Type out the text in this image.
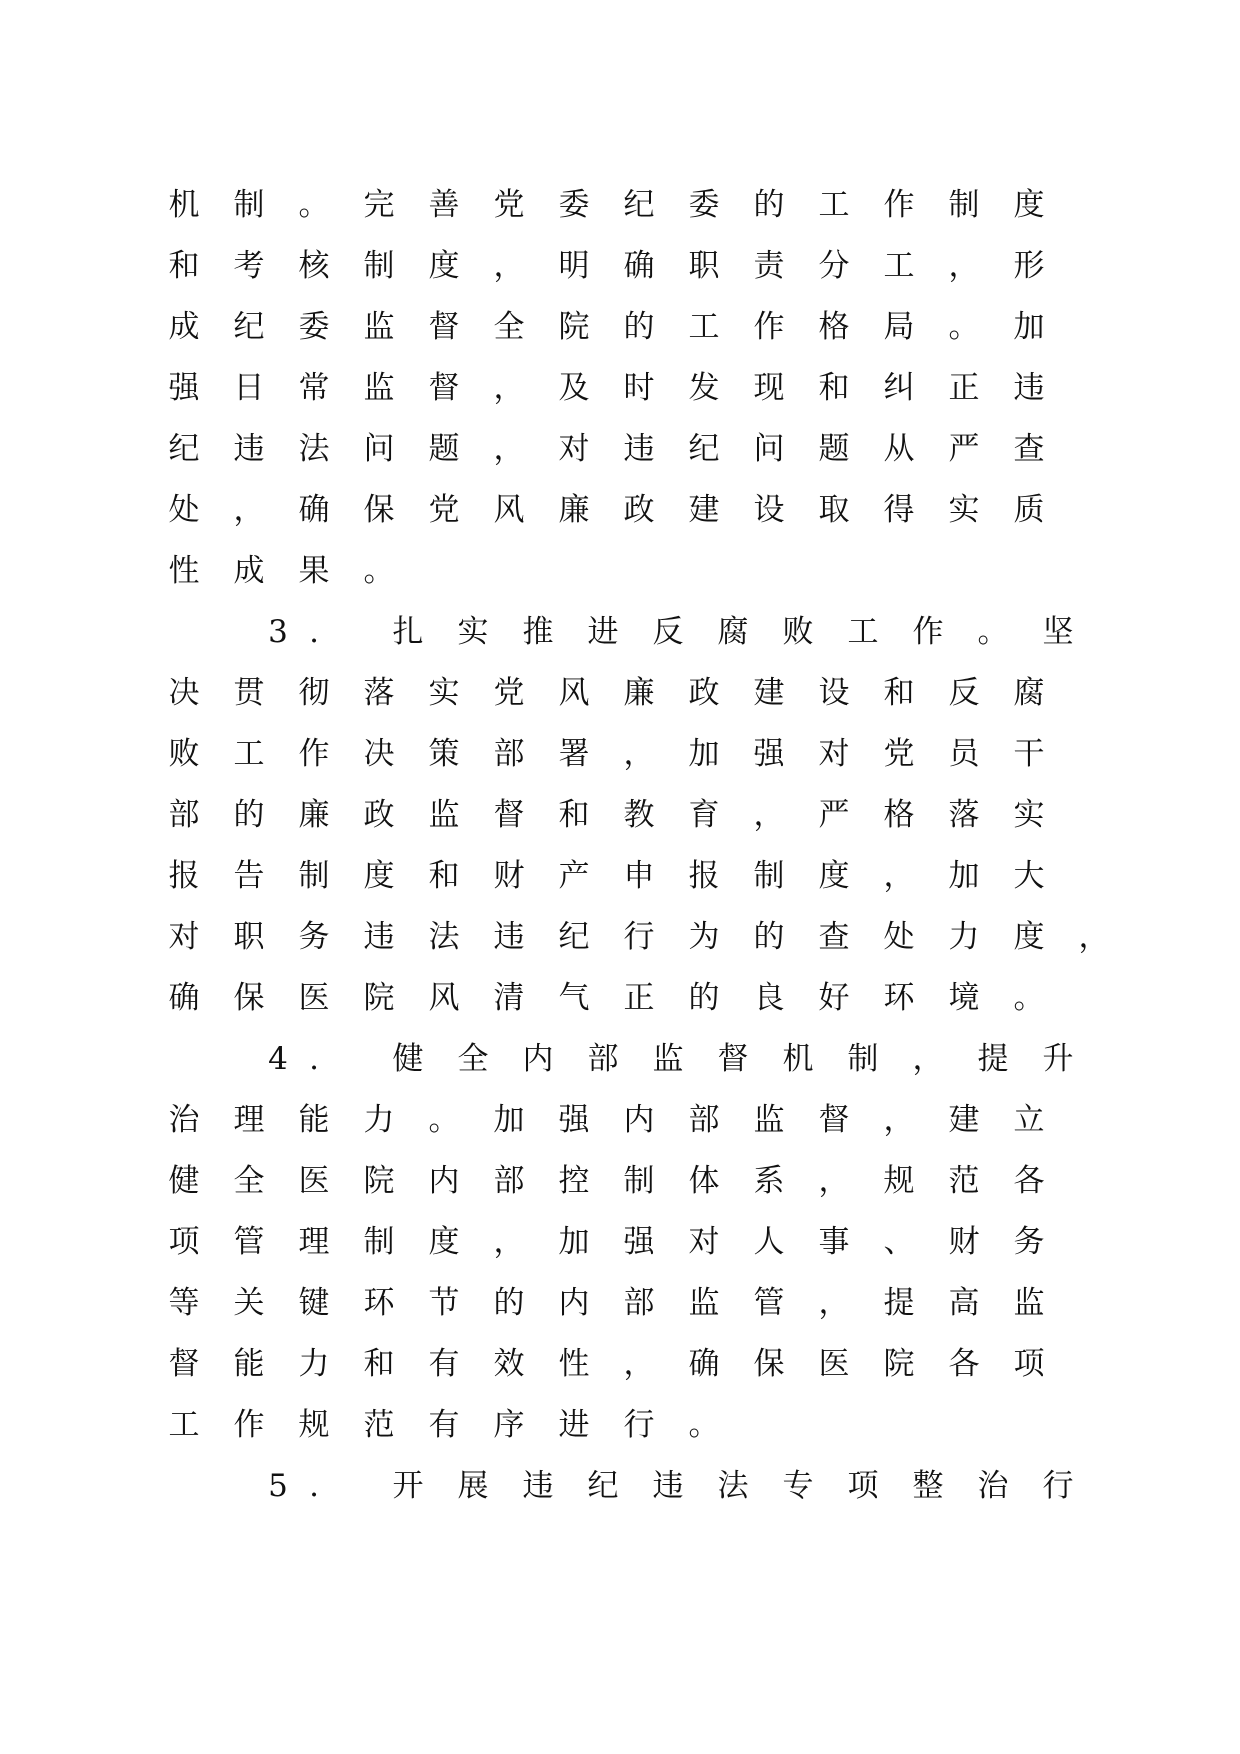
机 制 。 完 善 党 委 纪 委 的 工 作 制 度

和 考 核 制 度 ， 明 确 职 责 分 工 ， 形

成 纪 委 监 督 全 院 的 工 作 格 局 。 加

强 日 常 监 督 ， 及 时 发 现 和 纠 正 违

纪 违 法 问 题 ， 对 违 纪 问 题 从 严 查

处 ， 确 保 党 风 廉 政 建 设 取 得 实 质

性 成 果 。

3 .	扎 实 推 进 反 腐 败 工 作 。 坚

决 贯 彻 落 实 党 风 廉 政 建 设 和 反 腐

败 工 作 决 策 部 署 ， 加 强 对 党 员 干

部 的 廉 政 监 督 和 教 育 ， 严 格 落 实

报 告 制 度 和 财 产 申 报 制 度 ， 加 大

对 职 务 违 法 违 纪 行 为 的 查 处 力 度 ，

确 保 医 院 风 清 气 正 的 良 好 环 境 。

4 .	健 全 内 部 监 督 机 制 ， 提 升

治 理 能 力 。 加 强 内 部 监 督 ， 建 立

健 全 医 院 内 部 控 制 体 系 ， 规 范 各

项 管 理 制 度 ， 加 强 对 人 事 、 财 务

等 关 键 环 节 的 内 部 监 管 ， 提 高 监

督 能 力 和 有 效 性 ， 确 保 医 院 各 项

工 作 规 范 有 序 进 行 。

5 .	开 展 违 纪 违 法 专 项 整 治 行
